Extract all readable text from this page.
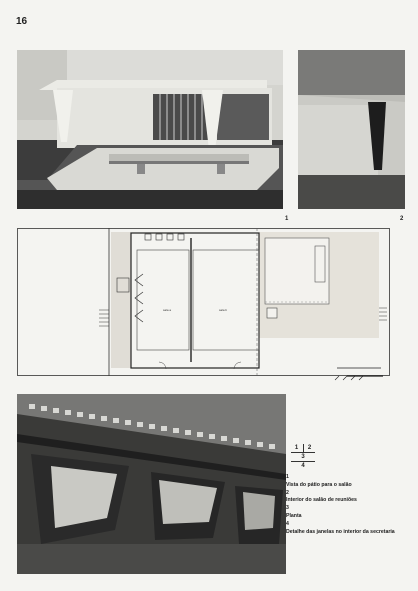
16
1	2
sala a	sala b
1	2
3
4
1
Vista do pátio para o salão
2
Interior do salão de reuniões
3
Planta
4
Detalhe das janelas no interior da secretaria
